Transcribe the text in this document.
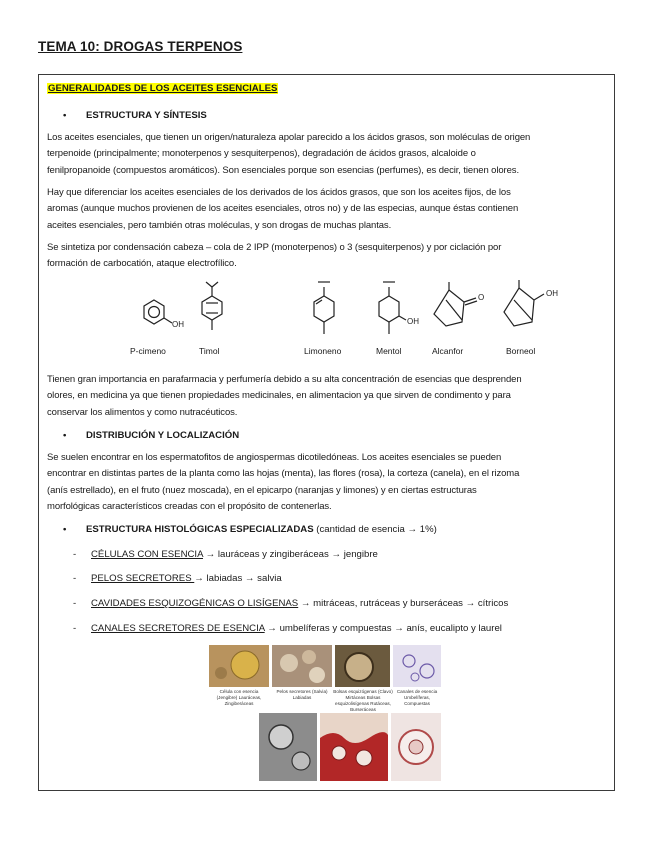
TEMA 10: DROGAS TERPENOS
GENERALIDADES DE LOS ACEITES ESENCIALES
• ESTRUCTURA Y SÍNTESIS
Los aceites esenciales, que tienen un origen/naturaleza apolar parecido a los ácidos grasos, son moléculas de origen
terpenoide (principalmente; monoterpenos y sesquiterpenos), degradación de ácidos grasos, alcaloide o
fenilpropanoide (compuestos aromáticos). Son esenciales porque son esencias (perfumes), es decir, tienen olores.
Hay que diferenciar los aceites esenciales de los derivados de los ácidos grasos, que son los aceites fijos, de los
aromas (aunque muchos provienen de los aceites esenciales, otros no) y de las especias, aunque éstas contienen
aceites esenciales, pero también otras moléculas, y son drogas de muchas plantas.
Se sintetiza por condensación cabeza – cola de 2 IPP (monoterpenos) o 3 (sesquiterpenos) y por ciclación por
formación de carbocatión, ataque electrofílico.
OH	OH
O	OH
P-cimeno	Timol	Limoneno	Mentol	Alcanfor	Borneol
Tienen gran importancia en parafarmacia y perfumería debido a su alta concentración de esencias que desprenden
olores, en medicina ya que tienen propiedades medicinales, en alimentacion ya que sirven de condimento y para
conservar los alimentos y como nutracéuticos.
• DISTRIBUCIÓN Y LOCALIZACIÓN
Se suelen encontrar en los espermatofitos de angiospermas dicotiledóneas. Los aceites esenciales se pueden
encontrar en distintas partes de la planta como las hojas (menta), las flores (rosa), la corteza (canela), en el rizoma
(anís estrellado), en el fruto (nuez moscada), en el epicarpo (naranjas y limones) y en ciertas estructuras
morfológicas característicos creadas con el propósito de contenerlas.
• ESTRUCTURA HISTOLÓGICAS ESPECIALIZADAS (cantidad de esencia → 1%)
- CÉLULAS CON ESENCIA → lauráceas y zingiberáceas → jengibre
- PELOS SECRETORES → labiadas → salvia
- CAVIDADES ESQUIZOGÉNICAS O LISÍGENAS → mitráceas, rutráceas y burseráceas → cítricos
- CANALES SECRETORES DE ESENCIA → umbelíferas y compuestas → anís, eucalipto y laurel
Célula con esencia (Jengibre) Lauráceas, Zingiberáceas
Pelos secretores (Salvia) Labiadas
Bolsas esquizógenas (Clavo) Mirtáceas Bolsas esquizolisígenas Rutáceas, Burseráceas
Canales de esencia Umbelíferas, Compuestas
